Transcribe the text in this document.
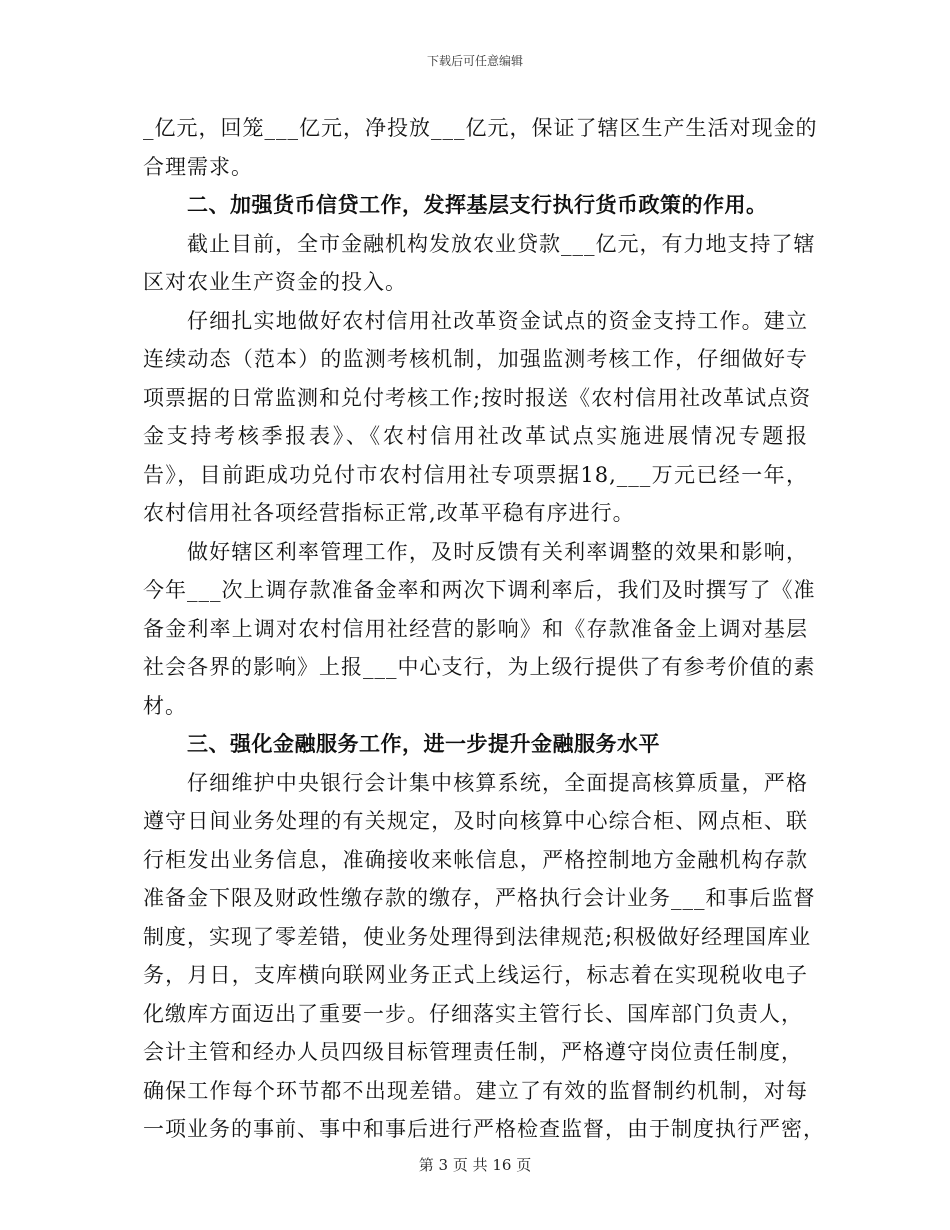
下载后可任意编辑
_亿元，回笼___亿元，净投放___亿元，保证了辖区生产生活对现金的
合理需求。
二、加强货币信贷工作，发挥基层支行执行货币政策的作用。
截止目前，全市金融机构发放农业贷款___亿元，有力地支持了辖
区对农业生产资金的投入。
仔细扎实地做好农村信用社改革资金试点的资金支持工作。建立
连续动态（范本）的监测考核机制，加强监测考核工作，仔细做好专
项票据的日常监测和兑付考核工作;按时报送《农村信用社改革试点资
金支持考核季报表》、《农村信用社改革试点实施进展情况专题报
告》，目前距成功兑付市农村信用社专项票据18,___万元已经一年，
农村信用社各项经营指标正常,改革平稳有序进行。
做好辖区利率管理工作，及时反馈有关利率调整的效果和影响，
今年___次上调存款准备金率和两次下调利率后，我们及时撰写了《准
备金利率上调对农村信用社经营的影响》和《存款准备金上调对基层
社会各界的影响》上报___中心支行，为上级行提供了有参考价值的素
材。
三、强化金融服务工作，进一步提升金融服务水平
仔细维护中央银行会计集中核算系统，全面提高核算质量，严格
遵守日间业务处理的有关规定，及时向核算中心综合柜、网点柜、联
行柜发出业务信息，准确接收来帐信息，严格控制地方金融机构存款
准备金下限及财政性缴存款的缴存，严格执行会计业务___和事后监督
制度，实现了零差错，使业务处理得到法律规范;积极做好经理国库业
务，月日，支库横向联网业务正式上线运行，标志着在实现税收电子
化缴库方面迈出了重要一步。仔细落实主管行长、国库部门负责人，
会计主管和经办人员四级目标管理责任制，严格遵守岗位责任制度，
确保工作每个环节都不出现差错。建立了有效的监督制约机制，对每
一项业务的事前、事中和事后进行严格检查监督，由于制度执行严密，
第 3 页 共 16 页
